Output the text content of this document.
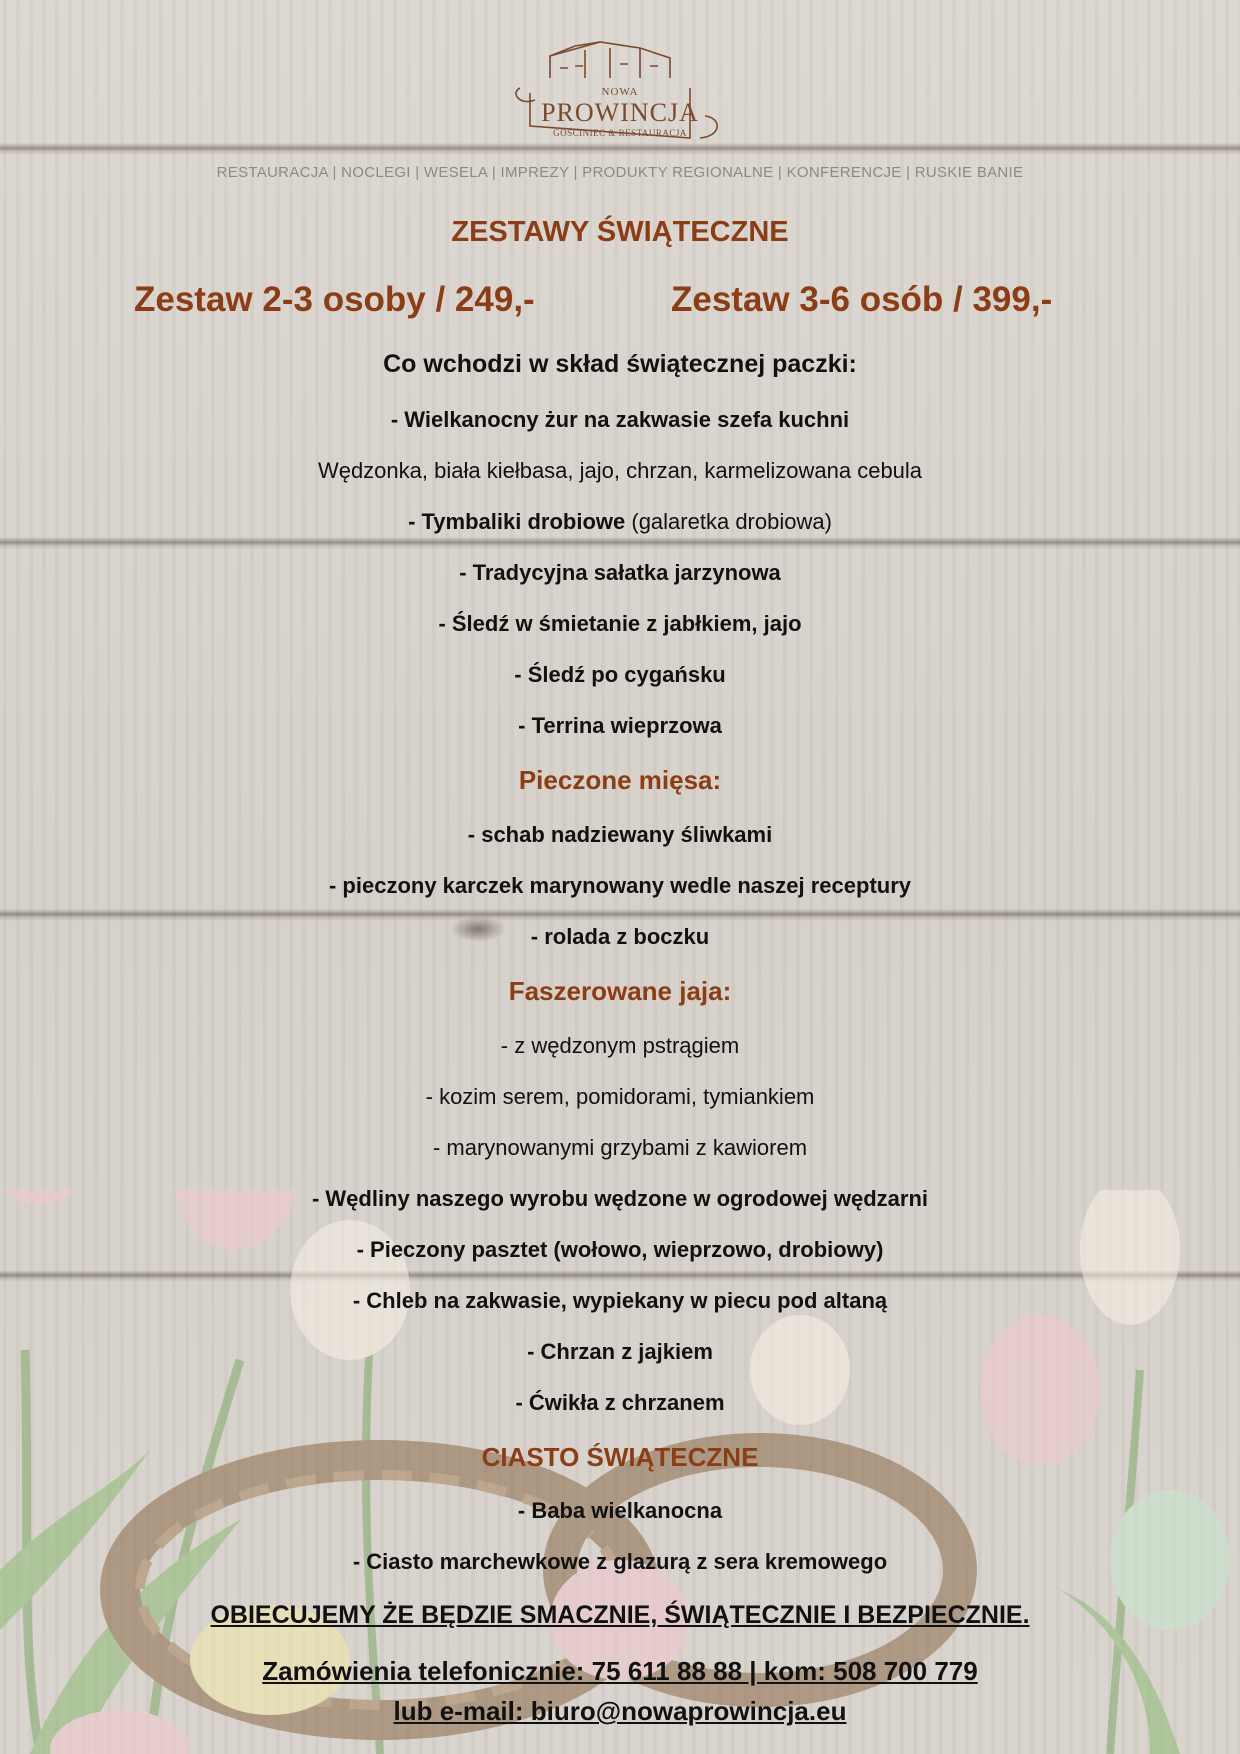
NOWA
PROWINCJA
GOŚCINIEC & RESTAURACJA
RESTAURACJA | NOCLEGI | WESELA | IMPREZY | PRODUKTY REGIONALNE | KONFERENCJE | RUSKIE BANIE
ZESTAWY ŚWIĄTECZNE
Zestaw 2-3 osoby / 249,-	Zestaw 3-6 osób / 399,-
Co wchodzi w skład świątecznej paczki:
- Wielkanocny żur na zakwasie szefa kuchni
Wędzonka, biała kiełbasa, jajo, chrzan, karmelizowana cebula
- Tymbaliki drobiowe (galaretka drobiowa)
- Tradycyjna sałatka jarzynowa
- Śledź w śmietanie z jabłkiem, jajo
- Śledź po cygańsku
- Terrina wieprzowa
Pieczone mięsa:
- schab nadziewany śliwkami
- pieczony karczek marynowany wedle naszej receptury
- rolada z boczku
Faszerowane jaja:
- z wędzonym pstrągiem
- kozim serem, pomidorami, tymiankiem
- marynowanymi grzybami z kawiorem
- Wędliny naszego wyrobu wędzone w ogrodowej wędzarni
- Pieczony pasztet (wołowo, wieprzowo, drobiowy)
- Chleb na zakwasie, wypiekany w piecu pod altaną
- Chrzan z jajkiem
- Ćwikła z chrzanem
CIASTO ŚWIĄTECZNE
- Baba wielkanocna
- Ciasto marchewkowe z glazurą z sera kremowego
OBIECUJEMY ŻE BĘDZIE SMACZNIE, ŚWIĄTECZNIE I BEZPIECZNIE.
Zamówienia telefonicznie: 75 611 88 88 | kom: 508 700 779
lub e-mail: biuro@nowaprowincja.eu
